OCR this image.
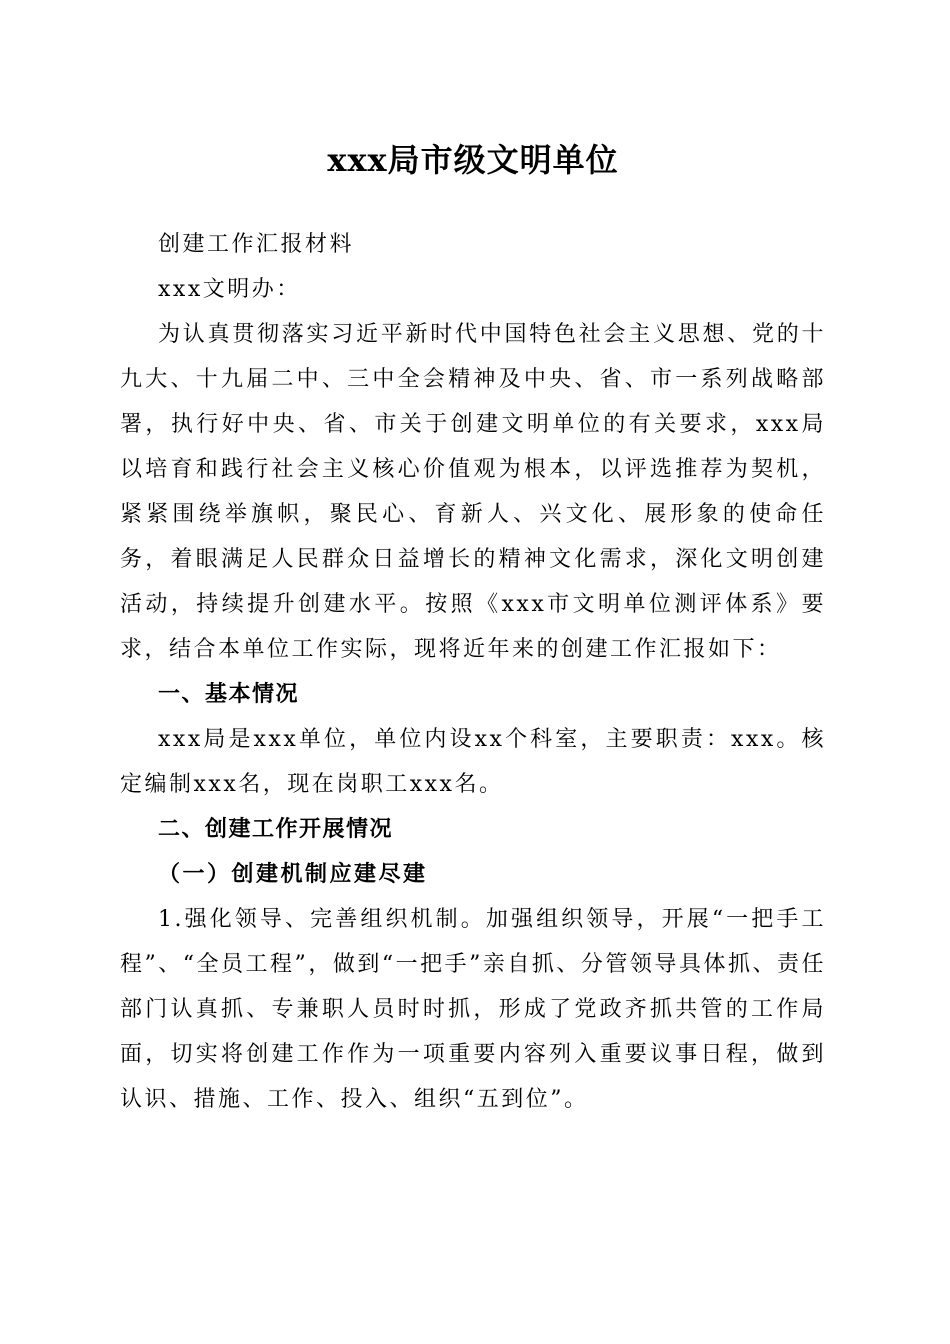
xxx局市级文明单位

创建工作汇报材料

xxx文明办：

为认真贯彻落实习近平新时代中国特色社会主义思想、党的十九大、十九届二中、三中全会精神及中央、省、市一系列战略部署，执行好中央、省、市关于创建文明单位的有关要求，xxx局以培育和践行社会主义核心价值观为根本，以评选推荐为契机，紧紧围绕举旗帜，聚民心、育新人、兴文化、展形象的使命任务，着眼满足人民群众日益增长的精神文化需求，深化文明创建活动，持续提升创建水平。按照《xxx市文明单位测评体系》要求，结合本单位工作实际，现将近年来的创建工作汇报如下：

一、基本情况

xxx局是xxx单位，单位内设xx个科室，主要职责：xxx。核定编制xxx名，现在岗职工xxx名。

二、创建工作开展情况
（一）创建机制应建尽建

1.强化领导、完善组织机制。加强组织领导，开展“一把手工程”、“全员工程”，做到“一把手”亲自抓、分管领导具体抓、责任部门认真抓、专兼职人员时时抓，形成了党政齐抓共管的工作局面，切实将创建工作作为一项重要内容列入重要议事日程，做到认识、措施、工作、投入、组织“五到位”。
